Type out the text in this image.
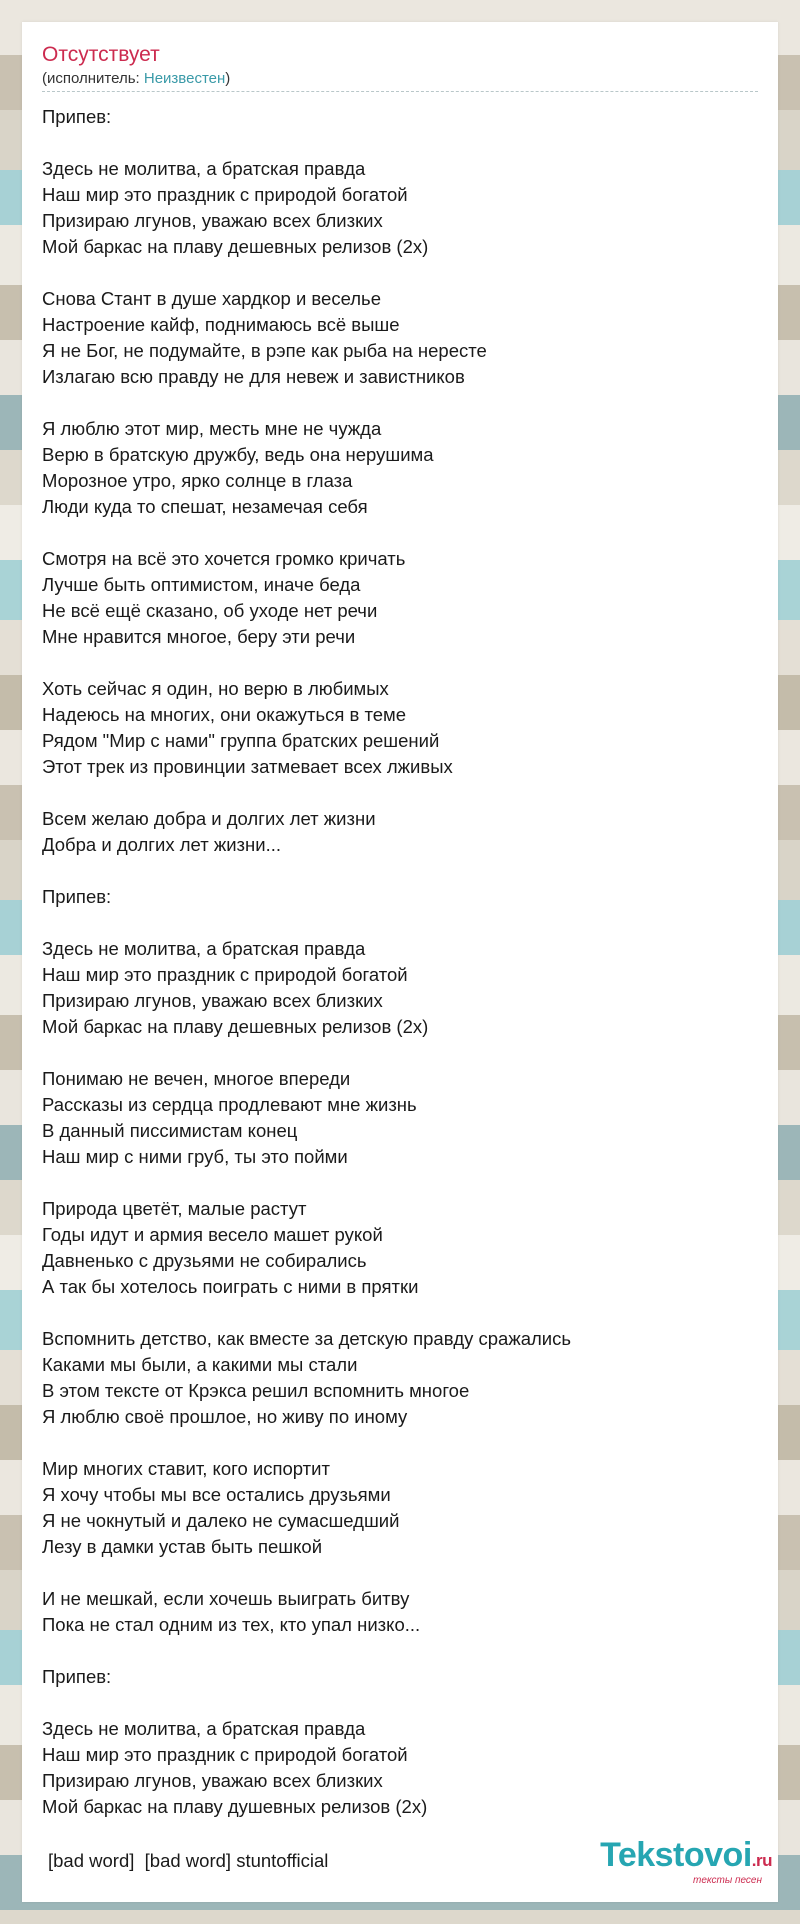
Отсутствует
(исполнитель: Неизвестен)
Припев:
Здесь не молитва, а братская правда
Наш мир это праздник с природой богатой
Призираю лгунов, уважаю всех близких
Мой баркас на плаву дешевных релизов (2х)
Снова Стант в душе хардкор и веселье
Настроение кайф, поднимаюсь всё выше
Я не Бог, не подумайте, в рэпе как рыба на нересте
Излагаю всю правду не для невеж и завистников
Я люблю этот мир, месть мне не чужда
Верю в братскую дружбу, ведь она нерушима
Морозное утро, ярко солнце в глаза
Люди куда то спешат, незамечая себя
Смотря на всё это хочется громко кричать
Лучше быть оптимистом, иначе беда
Не всё ещё сказано, об уходе нет речи
Мне нравится многое, беру эти речи
Хоть сейчас я один, но верю в любимых
Надеюсь на многих, они окажуться в теме
Рядом "Мир с нами" группа братских решений
Этот трек из провинции затмевает всех лживых
Всем желаю добра и долгих лет жизни
Добра и долгих лет жизни...
Припев:
Здесь не молитва, а братская правда
Наш мир это праздник с природой богатой
Призираю лгунов, уважаю всех близких
Мой баркас на плаву дешевных релизов (2х)
Понимаю не вечен, многое впереди
Рассказы из сердца продлевают мне жизнь
В данный писсимистам конец
Наш мир с ними груб, ты это пойми
Природа цветёт, малые растут
Годы идут и армия весело машет рукой
Давненько с друзьями не собирались
А так бы хотелось поиграть с ними в прятки
Вспомнить детство, как вместе за детскую правду сражались
Каками мы были, а какими мы стали
В этом тексте от Крэкса решил вспомнить многое
Я люблю своё прошлое, но живу по иному
Мир многих ставит, кого испортит
Я хочу чтобы мы все остались друзьями
Я не чокнутый и далеко не сумасшедший
Лезу в дамки устав быть пешкой
И не мешкай, если хочешь выиграть битву
Пока не стал одним из тех, кто упал низко...
Припев:
Здесь не молитва, а братская правда
Наш мир это праздник с природой богатой
Призираю лгунов, уважаю всех близких
Мой баркас на плаву душевных релизов (2х)
[bad word]  [bad word] stuntofficial	Tekstovoi.ru
тексты песен
